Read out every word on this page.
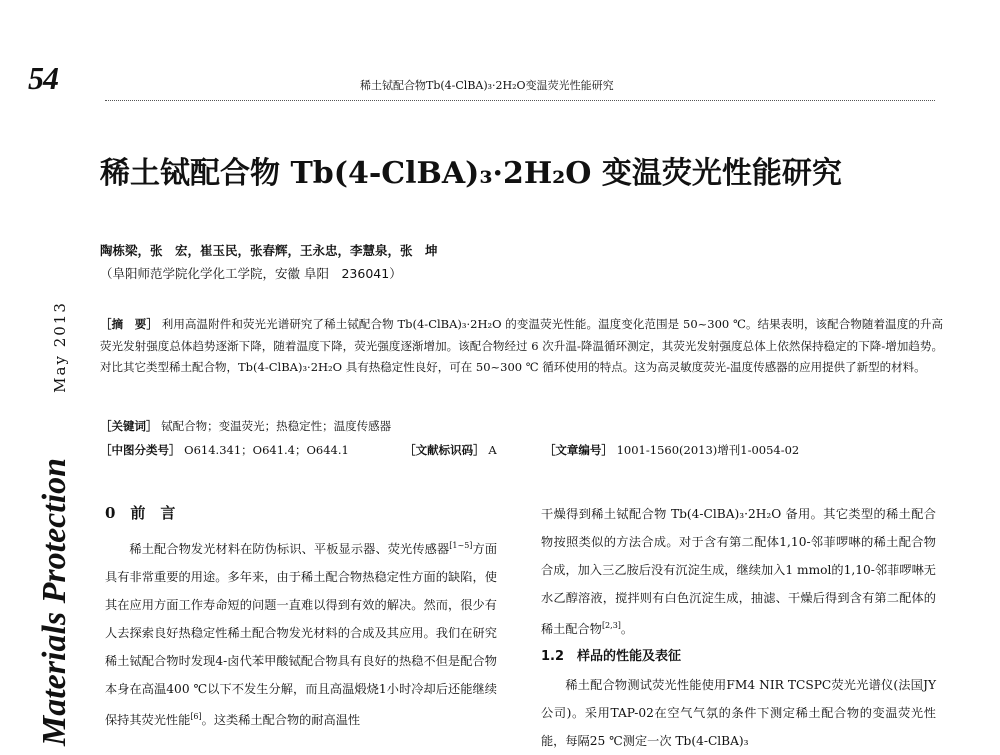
54	稀土铽配合物Tb(4-ClBA)₃·2H₂O变温荧光性能研究
稀土铽配合物 Tb(4-ClBA)₃·2H₂O 变温荧光性能研究
陶栋梁，张　宏，崔玉民，张春辉，王永忠，李慧泉，张　坤
（阜阳师范学院化学化工学院，安徽 阜阳　236041）
［摘　要］ 利用高温附件和荧光光谱研究了稀土铽配合物 Tb(4-ClBA)₃·2H₂O 的变温荧光性能。温度变化范围是 50~300 ℃。结果表明，该配合物随着温度的升高荧光发射强度总体趋势逐渐下降，随着温度下降，荧光强度逐渐增加。该配合物经过 6 次升温-降温循环测定，其荧光发射强度总体上依然保持稳定的下降-增加趋势。对比其它类型稀土配合物，Tb(4-ClBA)₃·2H₂O 具有热稳定性良好，可在 50~300 ℃ 循环使用的特点。这为高灵敏度荧光-温度传感器的应用提供了新型的材料。
［关键词］ 铽配合物；变温荧光；热稳定性；温度传感器
［中图分类号］ O614.341；O641.4；O644.1	［文献标识码］ A	［文章编号］ 1001-1560(2013)增刊1-0054-02
Materials Protection May 2013
0　前　言
稀土配合物发光材料在防伪标识、平板显示器、荧光传感器[1~5]方面具有非常重要的用途。多年来，由于稀土配合物热稳定性方面的缺陷，使其在应用方面工作寿命短的问题一直难以得到有效的解决。然而，很少有人去探索良好热稳定性稀土配合物发光材料的合成及其应用。我们在研究稀土铽配合物时发现4-卤代苯甲酸铽配合物具有良好的热稳不但是配合物本身在高温400 ℃以下不发生分解，而且高温煅烧1小时冷却后还能继续保持其荧光性能[6]。这类稀土配合物的耐高温性
干燥得到稀土铽配合物 Tb(4-ClBA)₃·2H₂O 备用。其它类型的稀土配合物按照类似的方法合成。对于含有第二配体1,10-邻菲啰啉的稀土配合物合成，加入三乙胺后没有沉淀生成，继续加入1 mmol的1,10-邻菲啰啉无水乙醇溶液，搅拌则有白色沉淀生成，抽滤、干燥后得到含有第二配体的稀土配合物[2,3]。
1.2　样品的性能及表征
稀土配合物测试荧光性能使用FM4 NIR TCSPC荧光光谱仪(法国JY公司)。采用TAP-02在空气气氛的条件下测定稀土配合物的变温荧光性能，每隔25 ℃测定一次 Tb(4-ClBA)₃
